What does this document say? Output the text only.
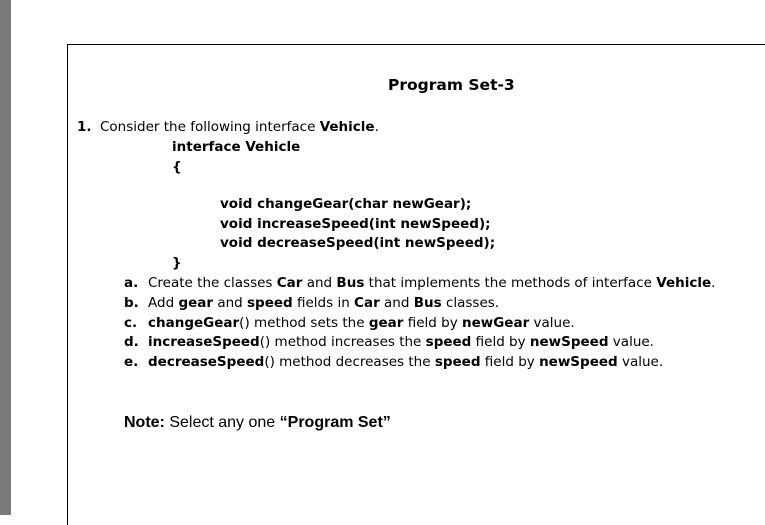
Program Set-3
1. Consider the following interface Vehicle.
interface Vehicle
{
void changeGear(char newGear);
void increaseSpeed(int newSpeed);
void decreaseSpeed(int newSpeed);
}
a. Create the classes Car and Bus that implements the methods of interface Vehicle.
b. Add gear and speed fields in Car and Bus classes.
c. changeGear() method sets the gear field by newGear value.
d. increaseSpeed() method increases the speed field by newSpeed value.
e. decreaseSpeed() method decreases the speed field by newSpeed value.
Note: Select any one “Program Set”
